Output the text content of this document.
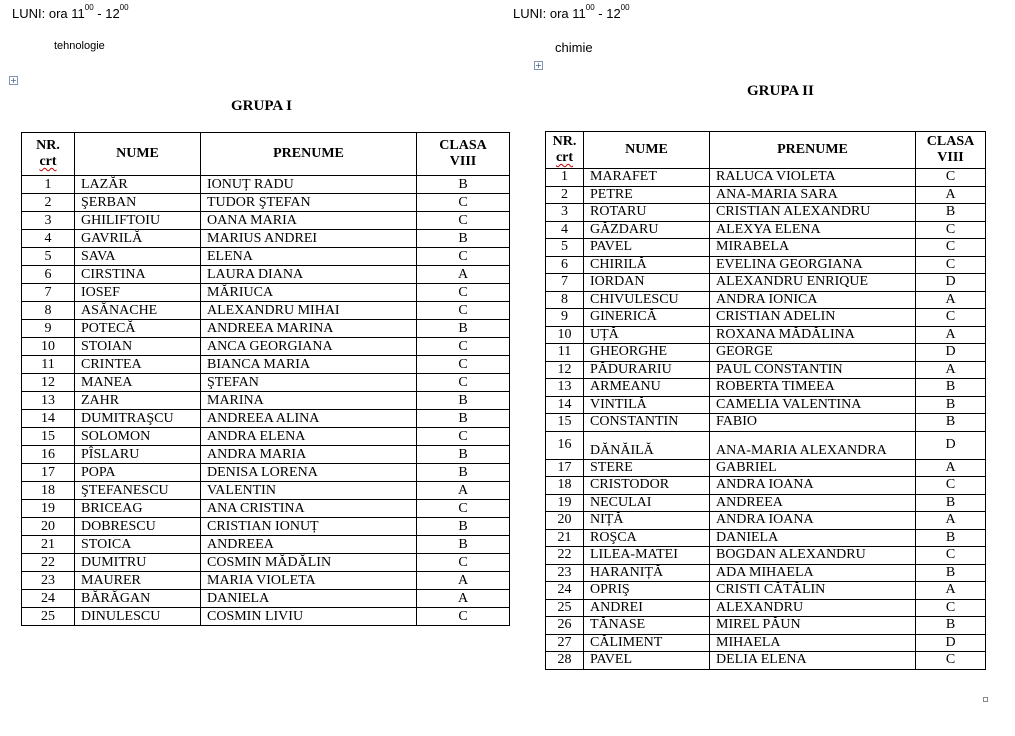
LUNI: ora $11^{00} - 12^{00}$
tehnologie
+
GRUPA I
NR.
crt	NUME	PRENUME	CLASA
VIII
1	LAZĂR	IONUȚ RADU	B
2	ŞERBAN	TUDOR ŞTEFAN	C
3	GHILIFTOIU	OANA MARIA	C
4	GAVRILĂ	MARIUS ANDREI	B
5	SAVA	ELENA	C
6	CIRSTINA	LAURA DIANA	A
7	IOSEF	MĂRIUCA	C
8	ASĂNACHE	ALEXANDRU MIHAI	C
9	POTECĂ	ANDREEA MARINA	B
10	STOIAN	ANCA GEORGIANA	C
11	CRINTEA	BIANCA MARIA	C
12	MANEA	ŞTEFAN	C
13	ZAHR	MARINA	B
14	DUMITRAŞCU	ANDREEA ALINA	B
15	SOLOMON	ANDRA ELENA	C
16	PÎSLARU	ANDRA MARIA	B
17	POPA	DENISA LORENA	B
18	ŞTEFANESCU	VALENTIN	A
19	BRICEAG	ANA CRISTINA	C
20	DOBRESCU	CRISTIAN IONUȚ	B
21	STOICA	ANDREEA	B
22	DUMITRU	COSMIN MĂDĂLIN	C
23	MAURER	MARIA VIOLETA	A
24	BĂRĂGAN	DANIELA	A
25	DINULESCU	COSMIN LIVIU	C
LUNI: ora $11^{00} - 12^{00}$
chimie
+
GRUPA II
NR.
crt	NUME	PRENUME	CLASA
VIII
1	MARAFET	RALUCA VIOLETA	C
2	PETRE	ANA-MARIA SARA	A
3	ROTARU	CRISTIAN ALEXANDRU	B
4	GĂZDARU	ALEXYA ELENA	C
5	PAVEL	MIRABELA	C
6	CHIRILĂ	EVELINA GEORGIANA	C
7	IORDAN	ALEXANDRU ENRIQUE	D
8	CHIVULESCU	ANDRA IONICA	A
9	GINERICĂ	CRISTIAN ADELIN	C
10	UȚĂ	ROXANA MĂDĂLINA	A
11	GHEORGHE	GEORGE	D
12	PĂDURARIU	PAUL CONSTANTIN	A
13	ARMEANU	ROBERTA TIMEEA	B
14	VINTILĂ	CAMELIA VALENTINA	B
15	CONSTANTIN	FABIO	B
16	DĂNĂILĂ	ANA-MARIA ALEXANDRA	D
17	STERE	GABRIEL	A
18	CRISTODOR	ANDRA IOANA	C
19	NECULAI	ANDREEA	B
20	NIȚĂ	ANDRA IOANA	A
21	ROŞCA	DANIELA	B
22	LILEA-MATEI	BOGDAN ALEXANDRU	C
23	HARANIȚĂ	ADA MIHAELA	B
24	OPRIŞ	CRISTI CĂTĂLIN	A
25	ANDREI	ALEXANDRU	C
26	TĂNASE	MIREL PĂUN	B
27	CĂLIMENT	MIHAELA	D
28	PAVEL	DELIA ELENA	C
